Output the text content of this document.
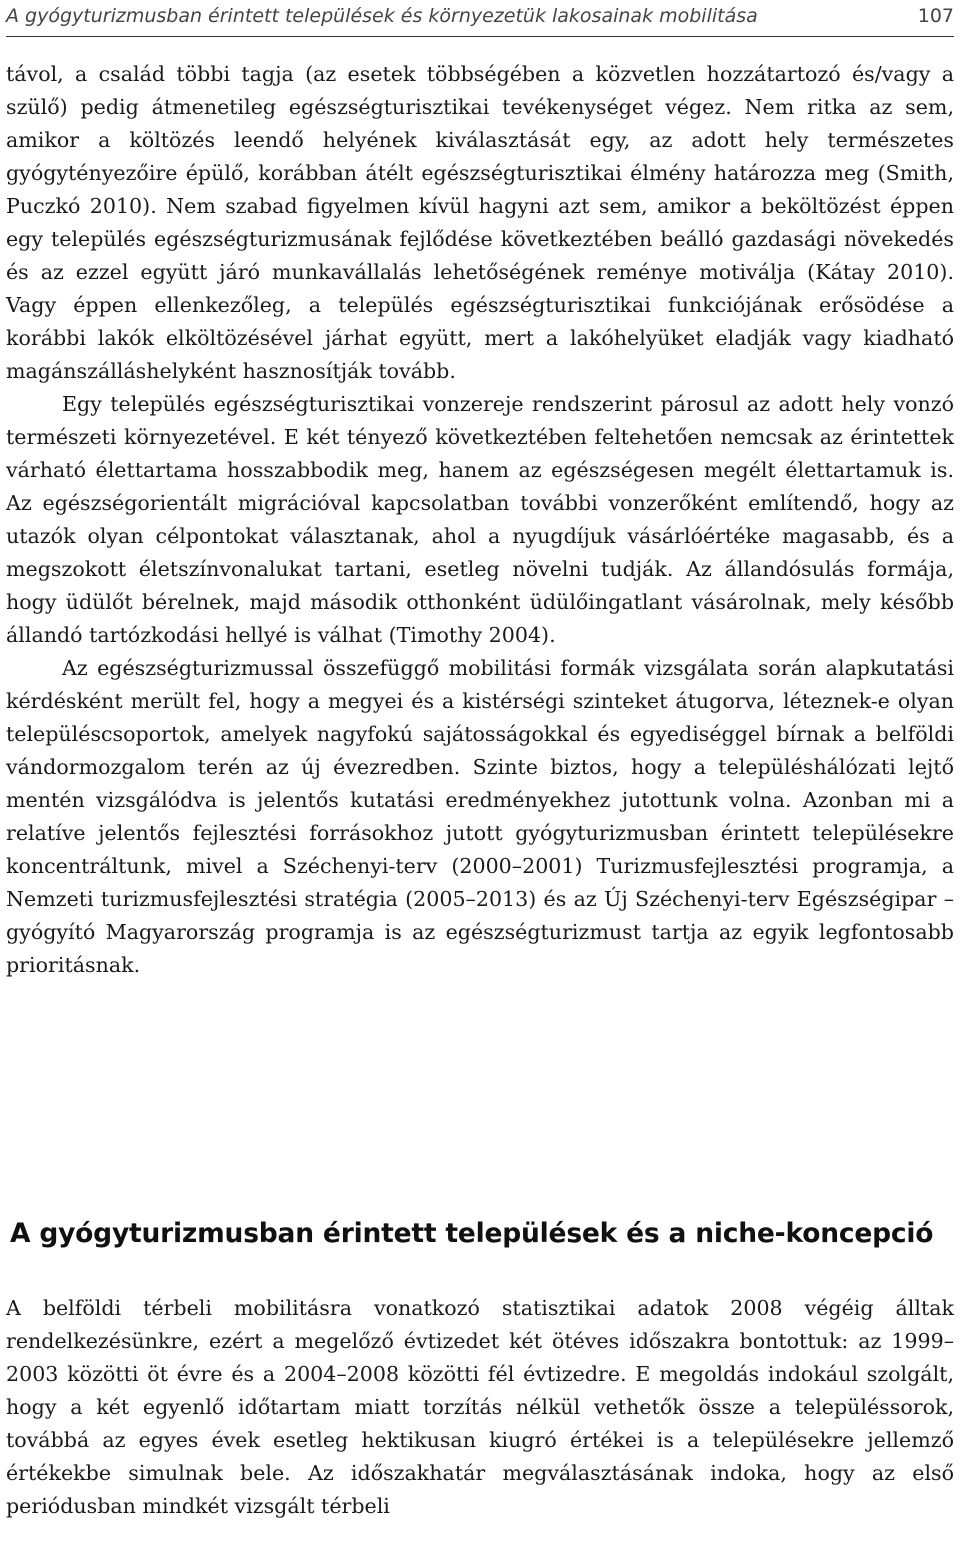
A gyógyturizmusban érintett települések és környezetük lakosainak mobilitása	107

távol, a család többi tagja (az esetek többségében a közvetlen hozzátartozó és/vagy a szülő) pedig átmenetileg egészségturisztikai tevékenységet végez. Nem ritka az sem, amikor a költözés leendő helyének kiválasztását egy, az adott hely természetes gyógytényezőire épülő, korábban átélt egészségturisztikai élmény határozza meg (Smith, Puczkó 2010). Nem szabad figyelmen kívül hagyni azt sem, amikor a beköltözést éppen egy település egészségturizmusának fejlődése következtében beálló gazdasági növekedés és az ezzel együtt járó munkavállalás lehetőségének reménye motiválja (Kátay 2010). Vagy éppen ellenkezőleg, a település egészségturisztikai funkciójának erősödése a korábbi lakók elköltözésével járhat együtt, mert a lakóhelyüket eladják vagy kiadható magánszálláshelyként hasznosítják tovább.

Egy település egészségturisztikai vonzereje rendszerint párosul az adott hely vonzó természeti környezetével. E két tényező következtében feltehetően nemcsak az érintettek várható élettartama hosszabbodik meg, hanem az egészségesen megélt élettartamuk is. Az egészségorientált migrációval kapcsolatban további vonzerőként említendő, hogy az utazók olyan célpontokat választanak, ahol a nyugdíjuk vásárlóértéke magasabb, és a megszokott életszínvonalukat tartani, esetleg növelni tudják. Az állandósulás formája, hogy üdülőt bérelnek, majd második otthonként üdülőingatlant vásárolnak, mely később állandó tartózkodási hellyé is válhat (Timothy 2004).

Az egészségturizmussal összefüggő mobilitási formák vizsgálata során alapkutatási kérdésként merült fel, hogy a megyei és a kistérségi szinteket átugorva, léteznek-e olyan településcsoportok, amelyek nagyfokú sajátosságokkal és egyediséggel bírnak a belföldi vándormozgalom terén az új évezredben. Szinte biztos, hogy a településhálózati lejtő mentén vizsgálódva is jelentős kutatási eredményekhez jutottunk volna. Azonban mi a relatíve jelentős fejlesztési forrásokhoz jutott gyógyturizmusban érintett településekre koncentráltunk, mivel a Széchenyi-terv (2000–2001) Turizmusfejlesztési programja, a Nemzeti turizmusfejlesztési stratégia (2005–2013) és az Új Széchenyi-terv Egészségipar – gyógyító Magyarország programja is az egészségturizmust tartja az egyik legfontosabb prioritásnak.

A gyógyturizmusban érintett települések és a niche-koncepció

A belföldi térbeli mobilitásra vonatkozó statisztikai adatok 2008 végéig álltak rendelkezésünkre, ezért a megelőző évtizedet két ötéves időszakra bontottuk: az 1999–2003 közötti öt évre és a 2004–2008 közötti fél évtizedre. E megoldás indokául szolgált, hogy a két egyenlő időtartam miatt torzítás nélkül vethetők össze a településsorok, továbbá az egyes évek esetleg hektikusan kiugró értékei is a településekre jellemző értékekbe simulnak bele. Az időszakhatár megválasztásának indoka, hogy az első periódusban mindkét vizsgált térbeli
